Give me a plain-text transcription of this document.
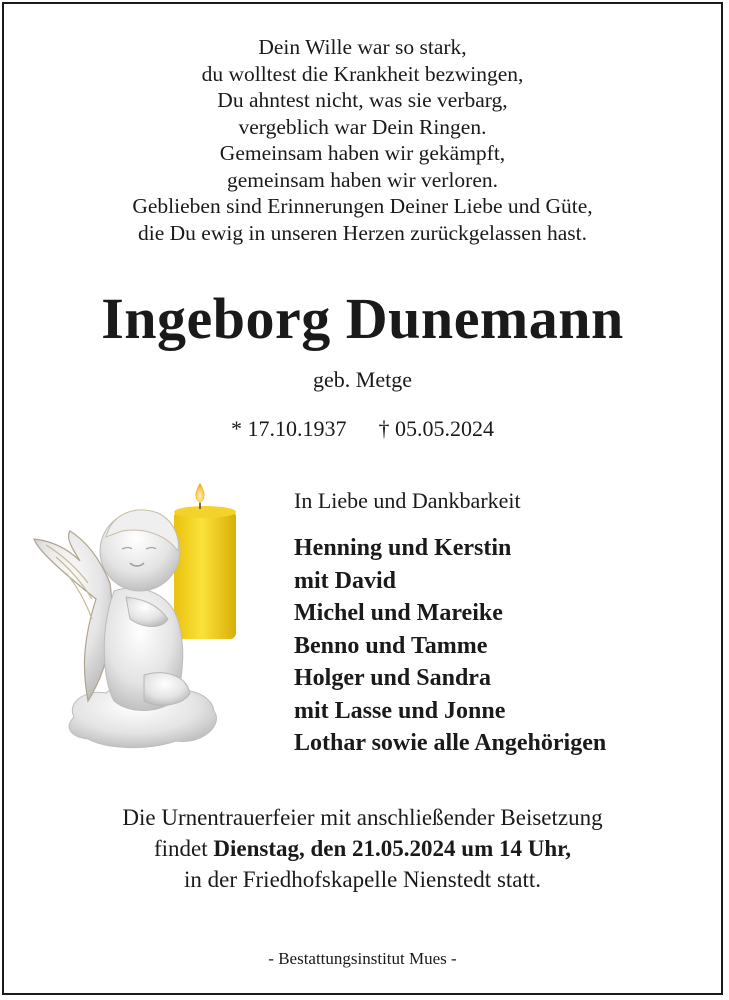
Dein Wille war so stark,
du wolltest die Krankheit bezwingen,
Du ahntest nicht, was sie verbarg,
vergeblich war Dein Ringen.
Gemeinsam haben wir gekämpft,
gemeinsam haben wir verloren.
Geblieben sind Erinnerungen Deiner Liebe und Güte,
die Du ewig in unseren Herzen zurückgelassen hast.
Ingeborg Dunemann
geb. Metge
* 17.10.1937 † 05.05.2024
In Liebe und Dankbarkeit
Henning und Kerstin
mit David
Michel und Mareike
Benno und Tamme
Holger und Sandra
mit Lasse und Jonne
Lothar sowie alle Angehörigen
Die Urnentrauerfeier mit anschließender Beisetzung
findet Dienstag, den 21.05.2024 um 14 Uhr,
in der Friedhofskapelle Nienstedt statt.
- Bestattungsinstitut Mues -
